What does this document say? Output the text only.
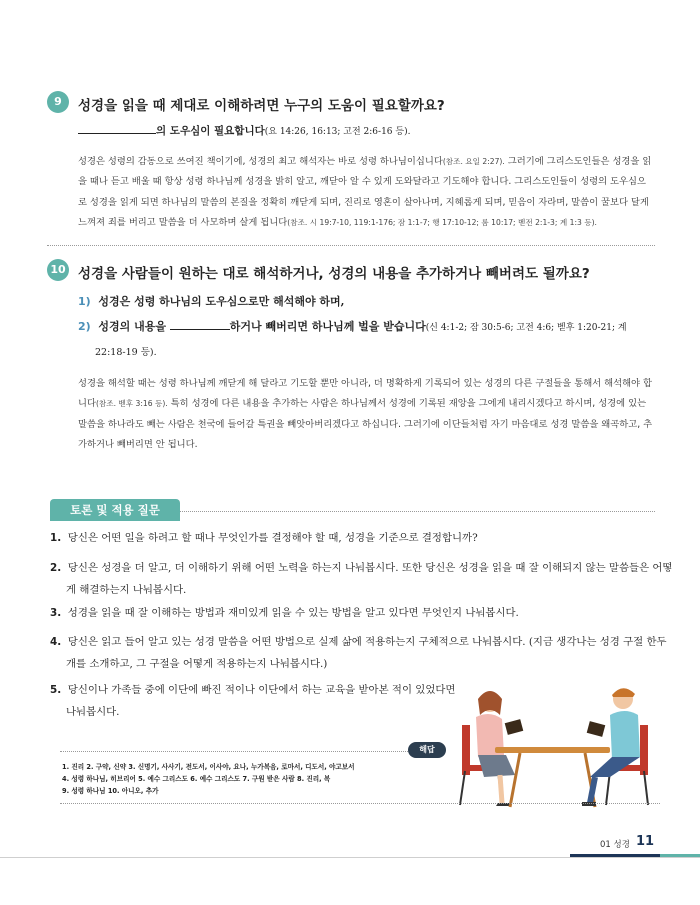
9	성경을 읽을 때 제대로 이해하려면 누구의 도움이 필요할까요?
의 도우심이 필요합니다(요 14:26, 16:13; 고전 2:6-16 등).
성경은 성령의 감동으로 쓰여진 책이기에, 성경의 최고 해석자는 바로 성령 하나님이십니다(참조. 요일 2:27). 그러기에 그리스도인들은 성경을 읽을 때나 듣고 배울 때 항상 성령 하나님께 성경을 밝히 알고, 깨닫아 알 수 있게 도와달라고 기도해야 합니다. 그리스도인들이 성령의 도우심으로 성경을 읽게 되면 하나님의 말씀의 본질을 정확히 깨닫게 되며, 진리로 영혼이 살아나며, 지혜롭게 되며, 믿음이 자라며, 말씀이 꿀보다 달게 느껴져 죄를 버리고 말씀을 더 사모하며 살게 됩니다(참조. 시 19:7-10, 119:1-176; 잠 1:1-7; 행 17:10-12; 롬 10:17; 벧전 2:1-3; 계 1:3 등).
10 성경을 사람들이 원하는 대로 해석하거나, 성경의 내용을 추가하거나 빼버려도 될까요?
1) 성경은 성령 하나님의 도우심으로만 해석해야 하며,
2) 성경의 내용을	하거나 빼버리면 하나님께 벌을 받습니다(신 4:1-2; 잠 30:5-6; 고전 4:6; 벧후 1:20-21; 계
22:18-19 등).
성경을 해석할 때는 성령 하나님께 깨닫게 해 달라고 기도할 뿐만 아니라, 더 명확하게 기록되어 있는 성경의 다른 구절들을 통해서 해석해야 합니다(참조. 벧후 3:16 등). 특히 성경에 다른 내용을 추가하는 사람은 하나님께서 성경에 기록된 재앙을 그에게 내리시겠다고 하시며, 성경에 있는 말씀을 하나라도 빼는 사람은 천국에 들어갈 특권을 빼앗아버리겠다고 하십니다. 그러기에 이단들처럼 자기 마음대로 성경 말씀을 왜곡하고, 추가하거나 빼버리면 안 됩니다.
토론 및 적용 질문
1. 당신은 어떤 일을 하려고 할 때나 무엇인가를 결정해야 할 때, 성경을 기준으로 결정합니까?
2. 당신은 성경을 더 알고, 더 이해하기 위해 어떤 노력을 하는지 나눠봅시다. 또한 당신은 성경을 읽을 때 잘 이해되지 않는 말씀들은 어떻게 해결하는지 나눠봅시다.
3. 성경을 읽을 때 잘 이해하는 방법과 재미있게 읽을 수 있는 방법을 알고 있다면 무엇인지 나눠봅시다.
4. 당신은 읽고 들어 알고 있는 성경 말씀을 어떤 방법으로 실제 삶에 적용하는지 구체적으로 나눠봅시다. (지금 생각나는 성경 구절 한두 개를 소개하고, 그 구절을 어떻게 적용하는지 나눠봅시다.)
5. 당신이나 가족들 중에 이단에 빠진 적이나 이단에서 하는 교육을 받아본 적이 있었다면 나눠봅시다.
해답
1. 진리 2. 구약, 신약 3. 신명기, 사사기, 전도서, 이사야, 요나, 누가복음, 로마서, 디도서, 야고보서
4. 성령 하나님, 히브리어 5. 예수 그리스도 6. 예수 그리스도 7. 구원 받은 사람 8. 진리, 복
9. 성령 하나님 10. 아니오, 추가
01 성경 11
